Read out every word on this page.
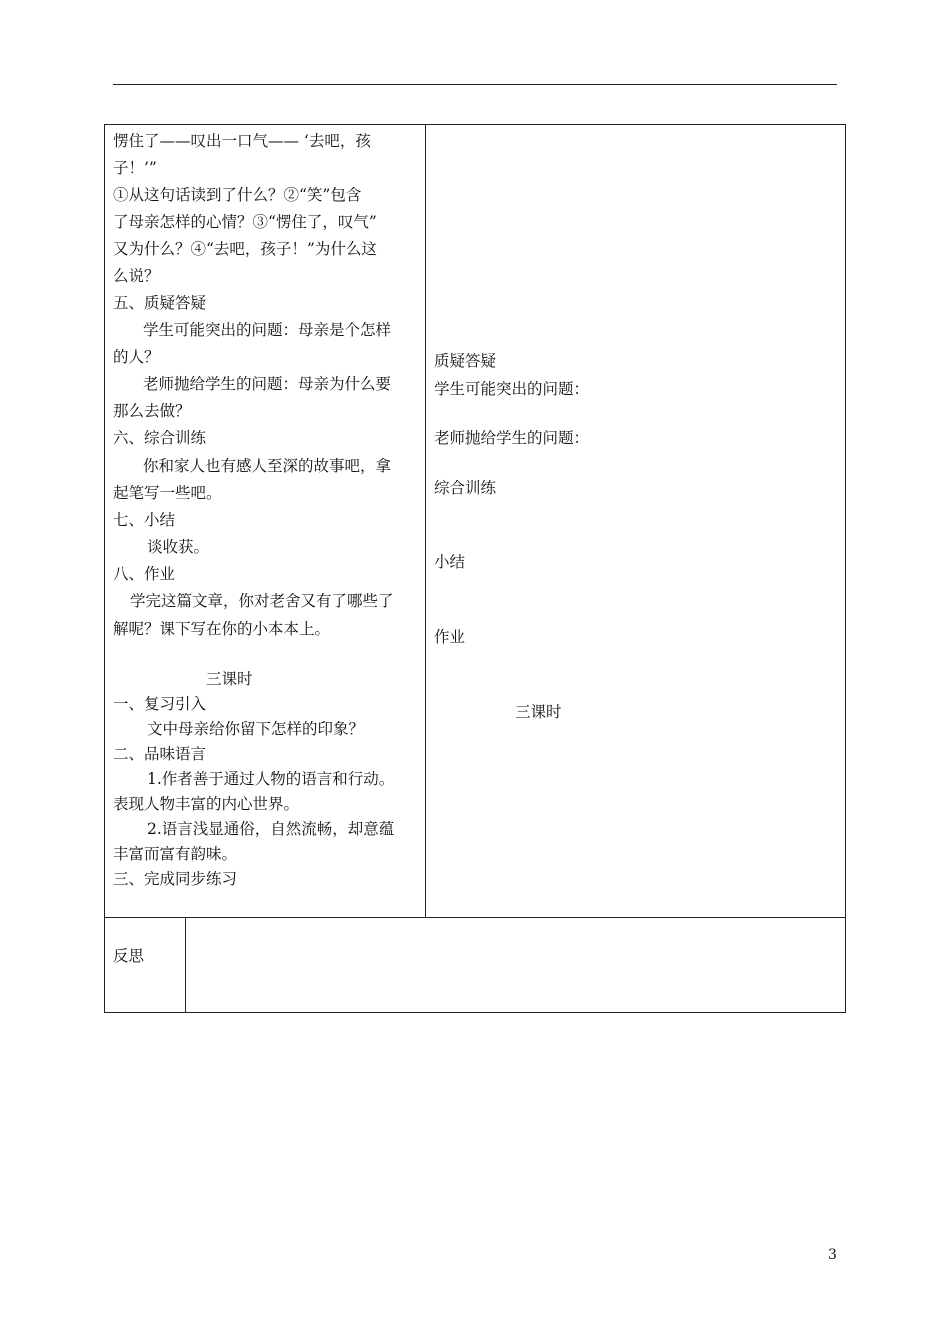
愣住了——叹出一口气—— ‘去吧，孩
子！’”
①从这句话读到了什么？②“笑”包含
了母亲怎样的心情？③“愣住了，叹气”
又为什么？④“去吧，孩子！”为什么这
么说？
五、质疑答疑
学生可能突出的问题：母亲是个怎样
的人？
老师抛给学生的问题：母亲为什么要
那么去做？
六、综合训练
你和家人也有感人至深的故事吧，拿
起笔写一些吧。
七、小结
谈收获。
八、作业
学完这篇文章，你对老舍又有了哪些了
解呢？课下写在你的小本本上。
三课时
一、复习引入
文中母亲给你留下怎样的印象？
二、品味语言
1.作者善于通过人物的语言和行动。
表现人物丰富的内心世界。
2.语言浅显通俗，自然流畅，却意蕴
丰富而富有韵味。
三、完成同步练习
质疑答疑
学生可能突出的问题：
老师抛给学生的问题：
综合训练
小结
作业
三课时
反思
3
